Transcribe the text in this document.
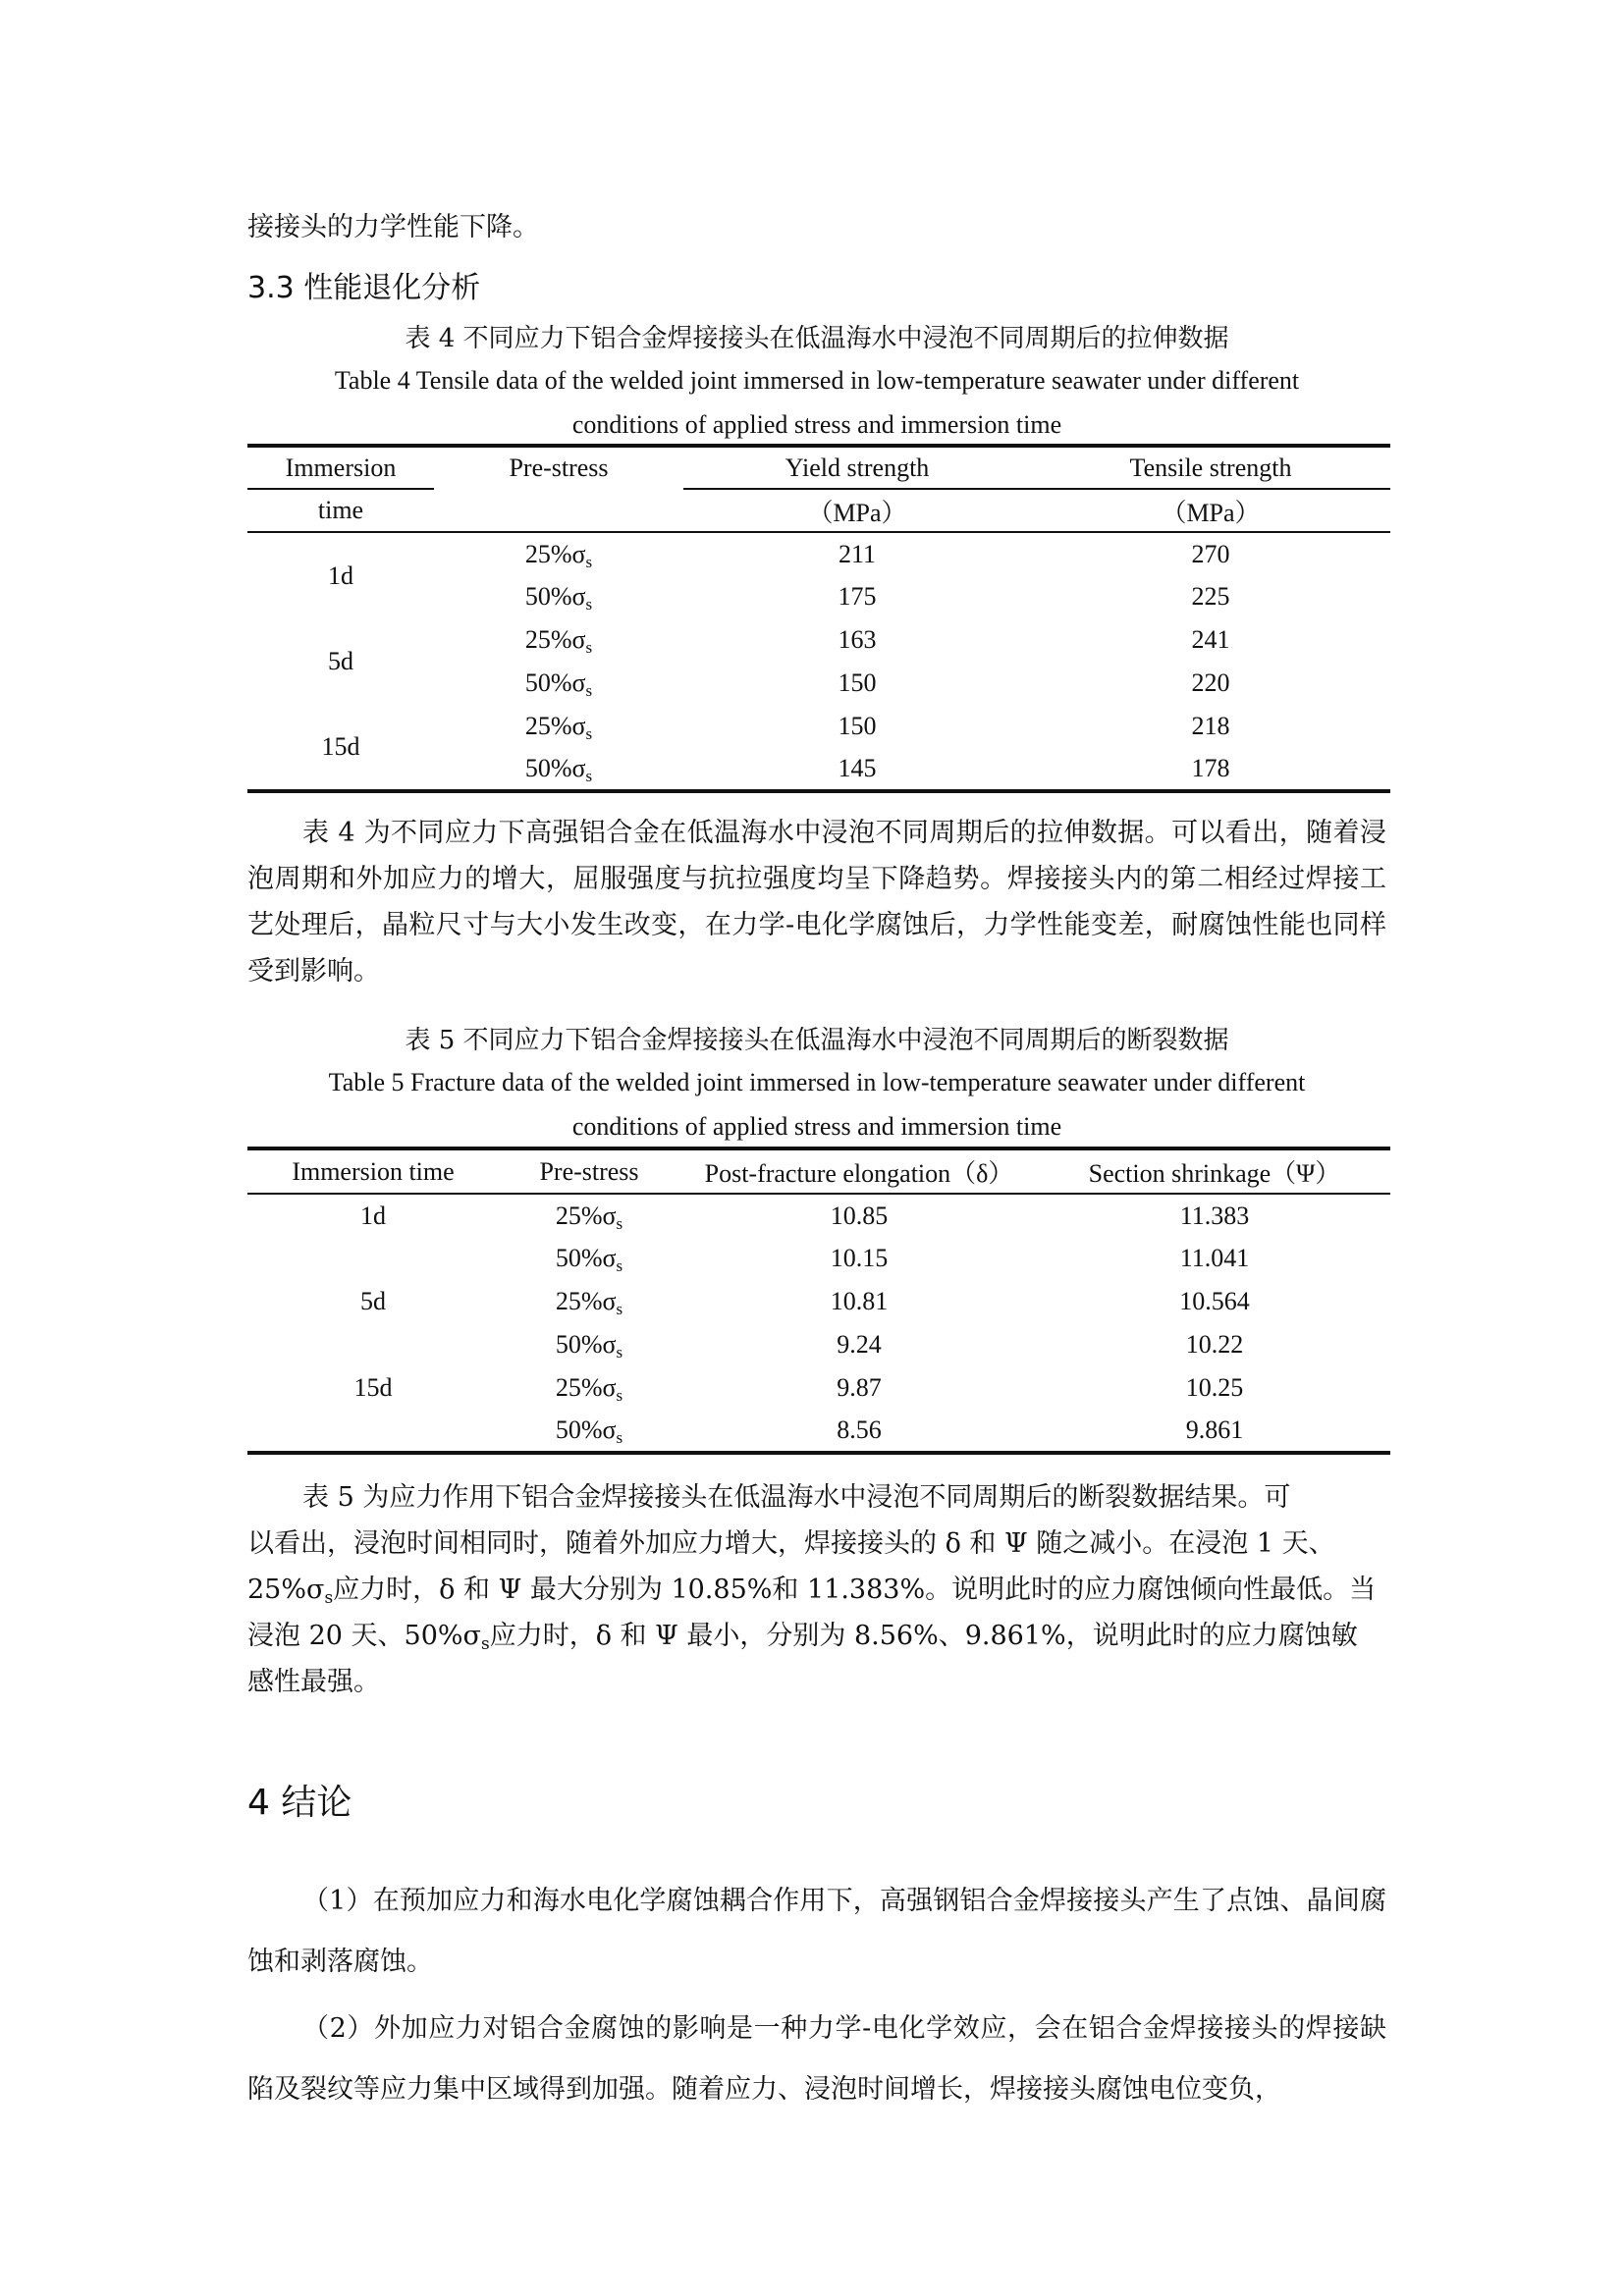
接接头的力学性能下降。
3.3 性能退化分析
表 4 不同应力下铝合金焊接接头在低温海水中浸泡不同周期后的拉伸数据
Table 4 Tensile data of the welded joint immersed in low-temperature seawater under different
conditions of applied stress and immersion time
Immersion	Pre-stress	Yield strength	Tensile strength
time		（MPa）	（MPa）
1d	25%σs	211	270
	50%σs	175	225
5d	25%σs	163	241
	50%σs	150	220
15d	25%σs	150	218
	50%σs	145	178
表 4 为不同应力下高强铝合金在低温海水中浸泡不同周期后的拉伸数据。可以看出，随着浸泡周期和外加应力的增大，屈服强度与抗拉强度均呈下降趋势。焊接接头内的第二相经过焊接工艺处理后，晶粒尺寸与大小发生改变，在力学-电化学腐蚀后，力学性能变差，耐腐蚀性能也同样受到影响。
表 5 不同应力下铝合金焊接接头在低温海水中浸泡不同周期后的断裂数据
Table 5 Fracture data of the welded joint immersed in low-temperature seawater under different
conditions of applied stress and immersion time
Immersion time	Pre-stress	Post-fracture elongation（δ）	Section shrinkage（Ψ）
1d	25%σs	10.85	11.383
	50%σs	10.15	11.041
5d	25%σs	10.81	10.564
	50%σs	9.24	10.22
15d	25%σs	9.87	10.25
	50%σs	8.56	9.861
表 5 为应力作用下铝合金焊接接头在低温海水中浸泡不同周期后的断裂数据结果。可
以看出，浸泡时间相同时，随着外加应力增大，焊接接头的 δ 和 Ψ 随之减小。在浸泡 1 天、
25%σs应力时，δ 和 Ψ 最大分别为 10.85%和 11.383%。说明此时的应力腐蚀倾向性最低。当
浸泡 20 天、50%σs应力时，δ 和 Ψ 最小，分别为 8.56%、9.861%，说明此时的应力腐蚀敏
感性最强。
4 结论
（1）在预加应力和海水电化学腐蚀耦合作用下，高强钢铝合金焊接接头产生了点蚀、晶间腐蚀和剥落腐蚀。
（2）外加应力对铝合金腐蚀的影响是一种力学-电化学效应，会在铝合金焊接接头的焊接缺陷及裂纹等应力集中区域得到加强。随着应力、浸泡时间增长，焊接接头腐蚀电位变负，
